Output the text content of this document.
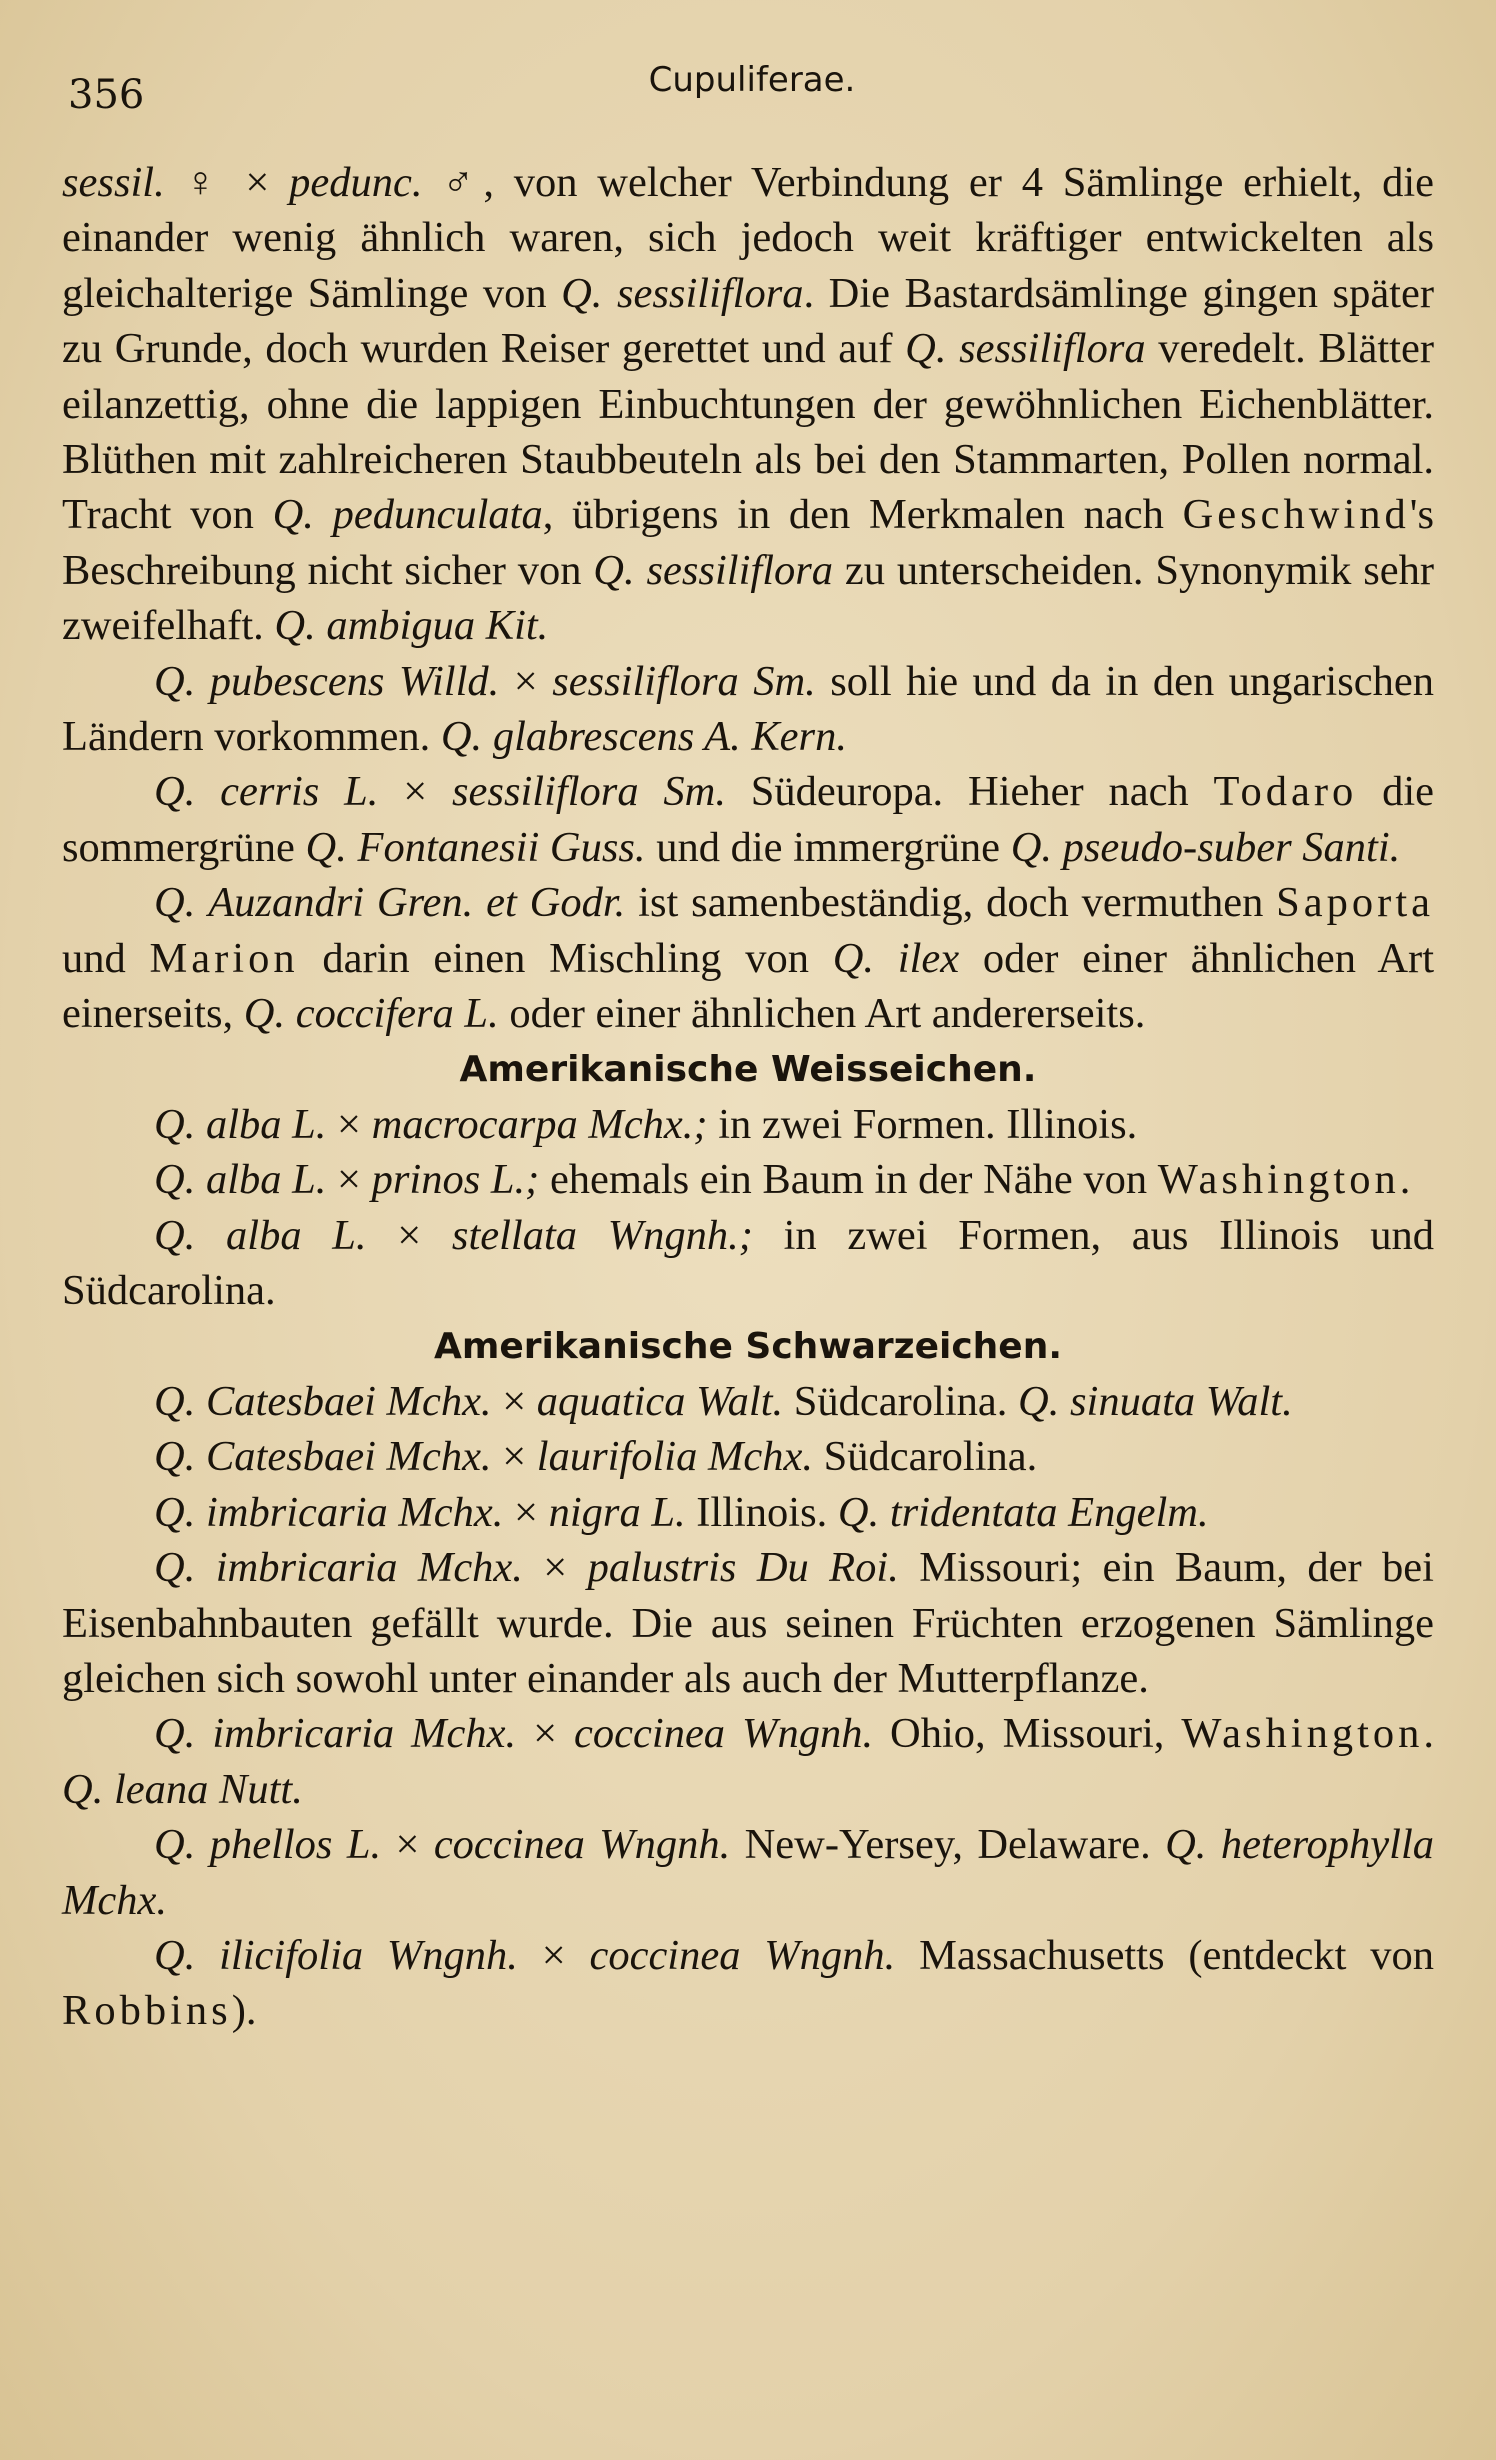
356	Cupuliferae.

sessil. ♀ × pedunc. ♂, von welcher Verbindung er 4 Sämlinge erhielt, die einander wenig ähnlich waren, sich jedoch weit kräftiger entwickelten als gleichalterige Sämlinge von Q. sessiliflora. Die Bastardsämlinge gingen später zu Grunde, doch wurden Reiser gerettet und auf Q. sessiliflora veredelt. Blätter eilanzettig, ohne die lappigen Einbuchtungen der gewöhnlichen Eichenblätter. Blüthen mit zahlreicheren Staubbeuteln als bei den Stammarten, Pollen normal. Tracht von Q. pedunculata, übrigens in den Merkmalen nach Geschwind's Beschreibung nicht sicher von Q. sessiliflora zu unterscheiden. Synonymik sehr zweifelhaft. Q. ambigua Kit.

Q. pubescens Willd. × sessiliflora Sm. soll hie und da in den ungarischen Ländern vorkommen. Q. glabrescens A. Kern.

Q. cerris L. × sessiliflora Sm. Südeuropa. Hieher nach Todaro die sommergrüne Q. Fontanesii Guss. und die immergrüne Q. pseudo-suber Santi.

Q. Auzandri Gren. et Godr. ist samenbeständig, doch vermuthen Saporta und Marion darin einen Mischling von Q. ilex oder einer ähnlichen Art einerseits, Q. coccifera L. oder einer ähnlichen Art andererseits.

Amerikanische Weisseichen.

Q. alba L. × macrocarpa Mchx.; in zwei Formen. Illinois.

Q. alba L. × prinos L.; ehemals ein Baum in der Nähe von Washington.

Q. alba L. × stellata Wngnh.; in zwei Formen, aus Illinois und Südcarolina.

Amerikanische Schwarzeichen.

Q. Catesbaei Mchx. × aquatica Walt. Südcarolina. Q. sinuata Walt.

Q. Catesbaei Mchx. × laurifolia Mchx. Südcarolina.

Q. imbricaria Mchx. × nigra L. Illinois. Q. tridentata Engelm.

Q. imbricaria Mchx. × palustris Du Roi. Missouri; ein Baum, der bei Eisenbahnbauten gefällt wurde. Die aus seinen Früchten erzogenen Sämlinge gleichen sich sowohl unter einander als auch der Mutterpflanze.

Q. imbricaria Mchx. × coccinea Wngnh. Ohio, Missouri, Washington. Q. leana Nutt.

Q. phellos L. × coccinea Wngnh. New-Yersey, Delaware. Q. heterophylla Mchx.

Q. ilicifolia Wngnh. × coccinea Wngnh. Massachusetts (entdeckt von Robbins).
